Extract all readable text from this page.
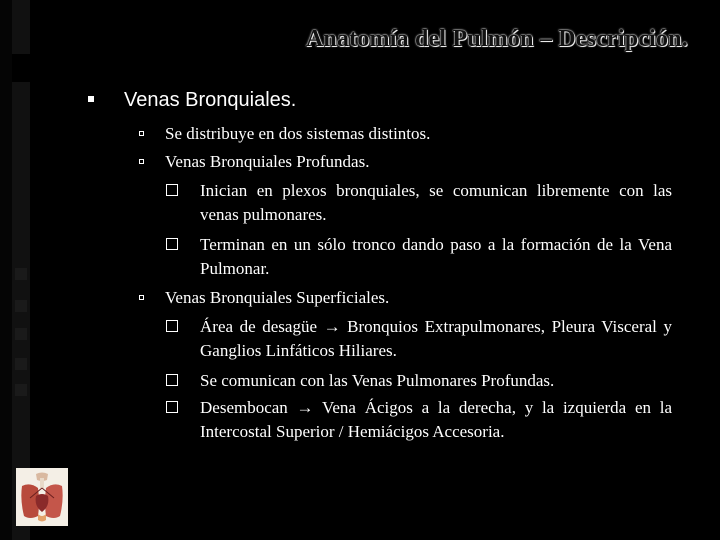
Anatomía del Pulmón – Descripción.
Venas Bronquiales.
Se distribuye en dos sistemas distintos.
Venas Bronquiales Profundas.
Inician en plexos bronquiales, se comunican libremente con las venas pulmonares.
Terminan en un sólo tronco dando paso a la formación de la Vena Pulmonar.
Venas Bronquiales Superficiales.
Área de desagüe → Bronquios Extrapulmonares, Pleura Visceral y Ganglios Linfáticos Hiliares.
Se comunican con las Venas Pulmonares Profundas.
Desembocan → Vena Ácigos a la derecha, y la izquierda en la Intercostal Superior / Hemiácigos Accesoria.
